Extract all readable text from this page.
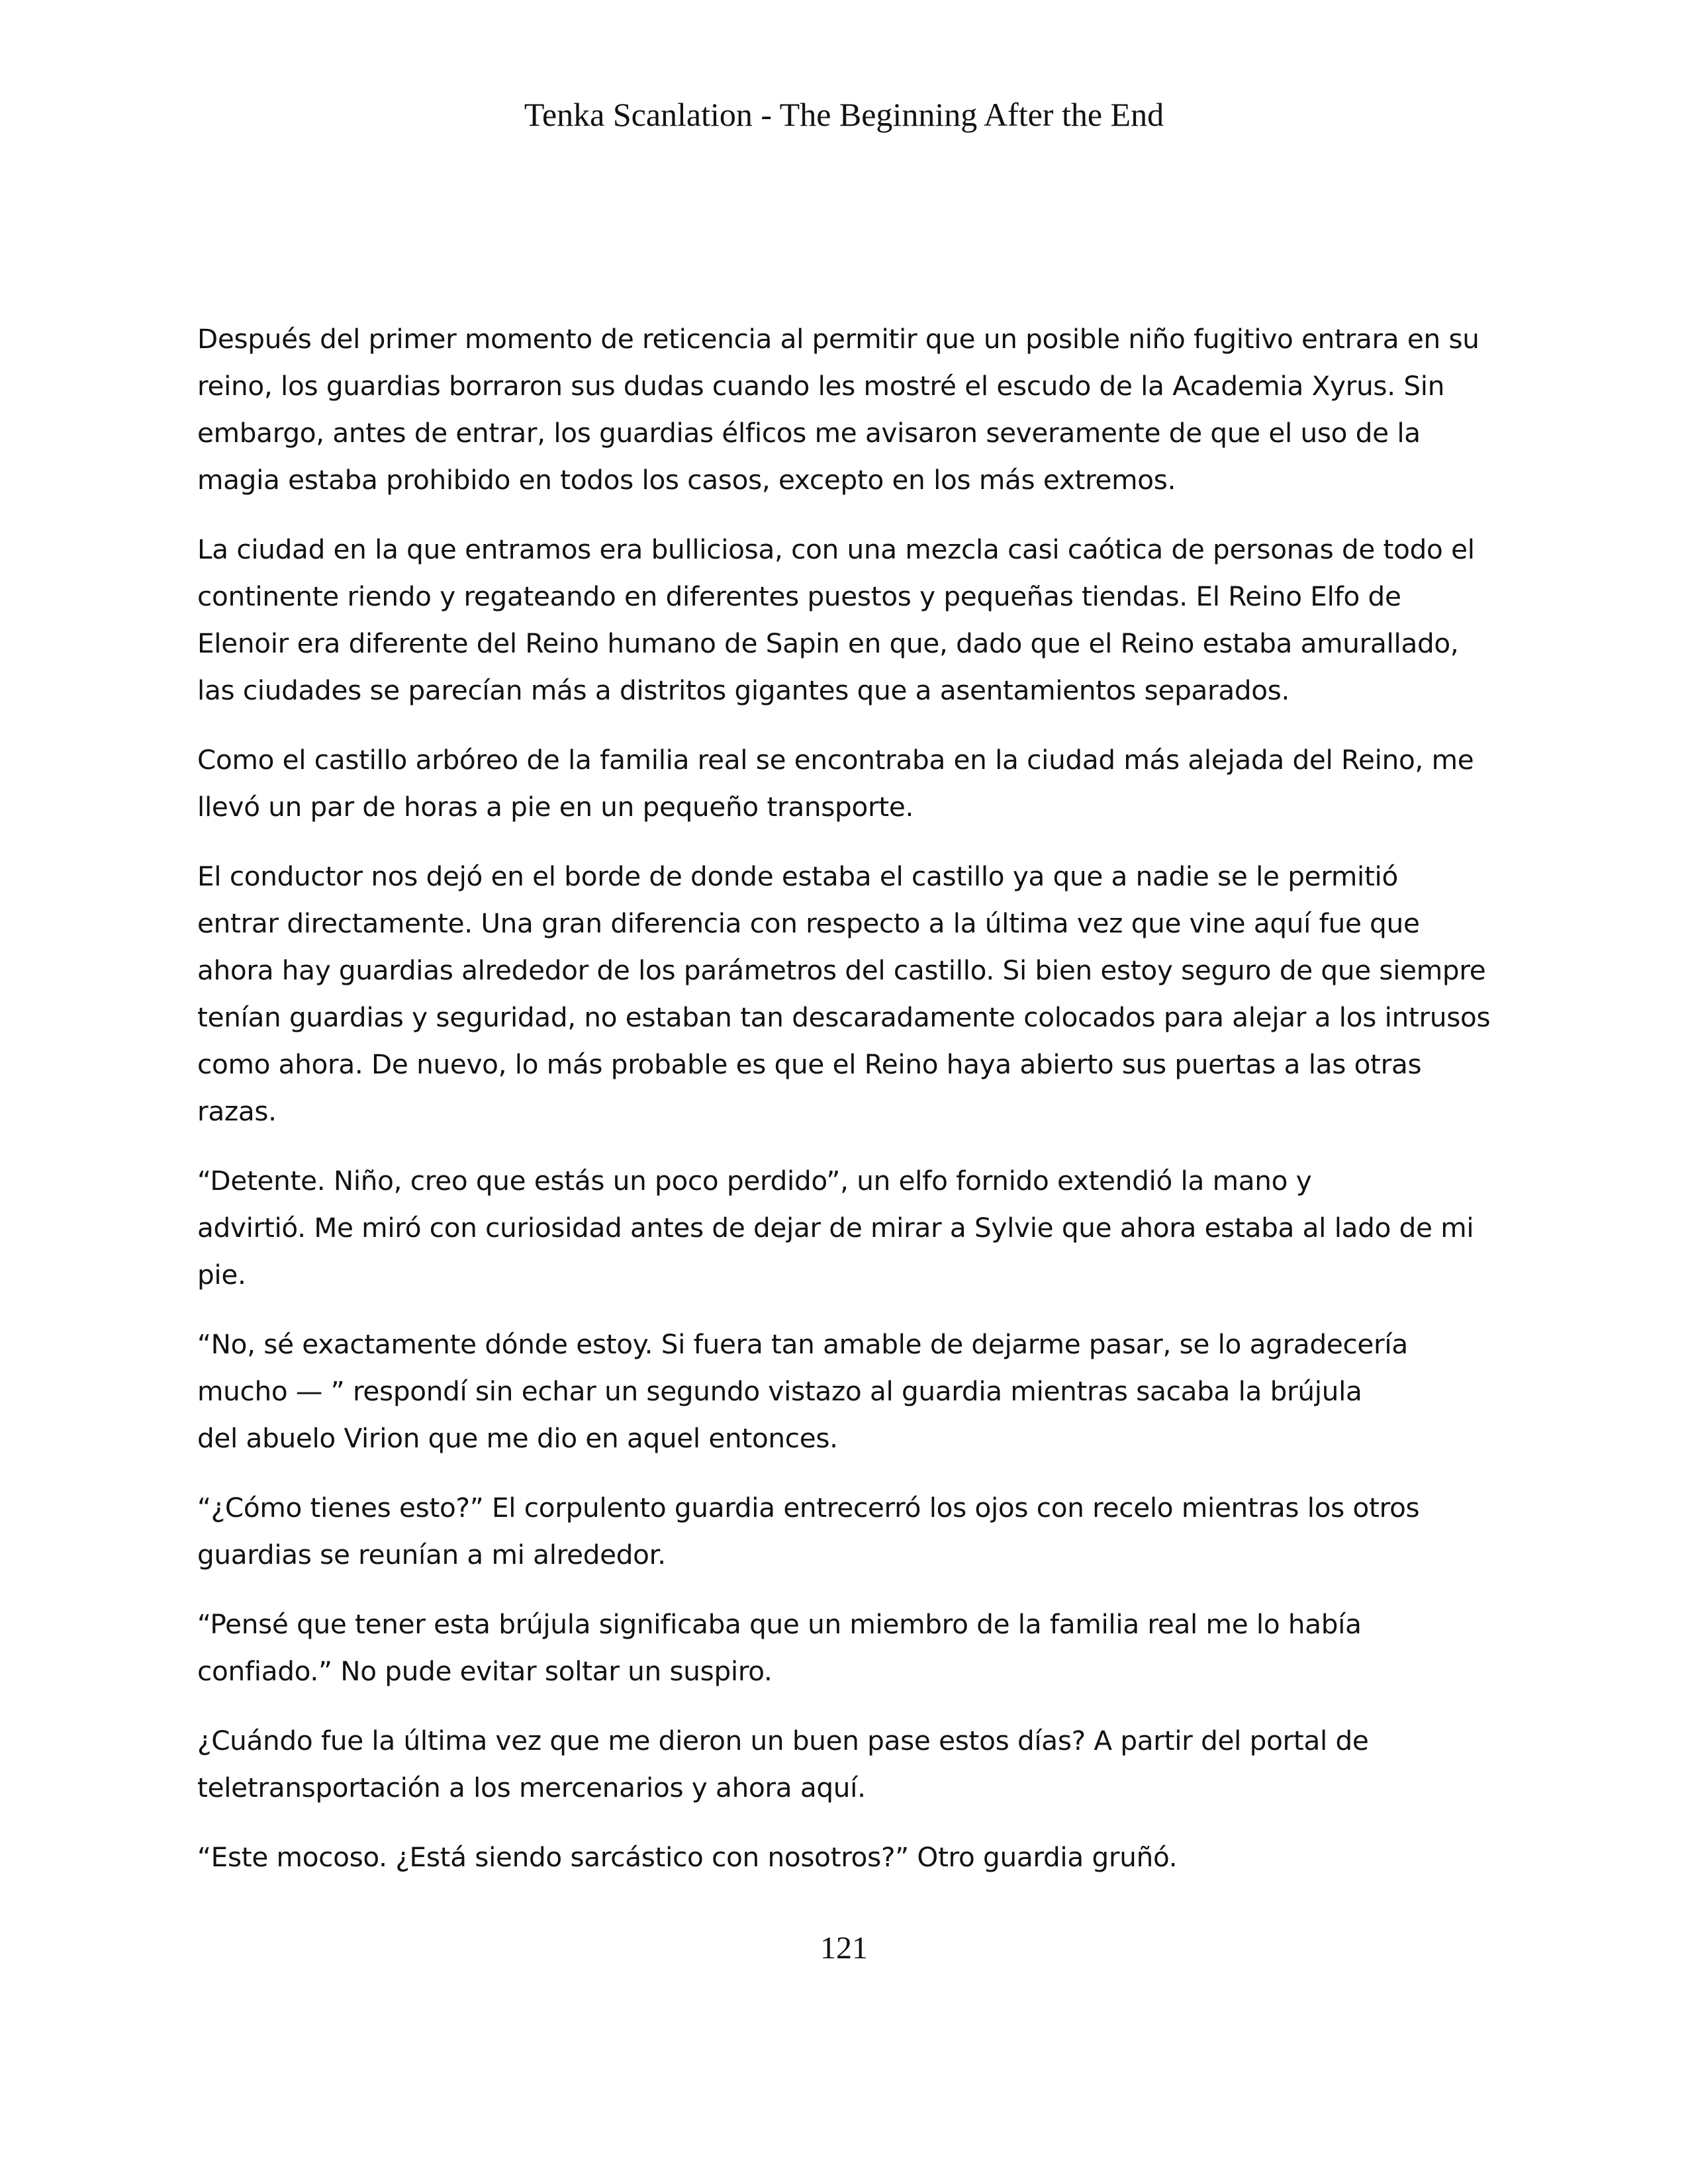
Tenka Scanlation - The Beginning After the End

Después del primer momento de reticencia al permitir que un posible niño fugitivo entrara en su
reino, los guardias borraron sus dudas cuando les mostré el escudo de la Academia Xyrus. Sin
embargo, antes de entrar, los guardias élficos me avisaron severamente de que el uso de la
magia estaba prohibido en todos los casos, excepto en los más extremos.

La ciudad en la que entramos era bulliciosa, con una mezcla casi caótica de personas de todo el
continente riendo y regateando en diferentes puestos y pequeñas tiendas. El Reino Elfo de
Elenoir era diferente del Reino humano de Sapin en que, dado que el Reino estaba amurallado,
las ciudades se parecían más a distritos gigantes que a asentamientos separados.

Como el castillo arbóreo de la familia real se encontraba en la ciudad más alejada del Reino, me
llevó un par de horas a pie en un pequeño transporte.

El conductor nos dejó en el borde de donde estaba el castillo ya que a nadie se le permitió
entrar directamente. Una gran diferencia con respecto a la última vez que vine aquí fue que
ahora hay guardias alrededor de los parámetros del castillo. Si bien estoy seguro de que siempre
tenían guardias y seguridad, no estaban tan descaradamente colocados para alejar a los intrusos
como ahora. De nuevo, lo más probable es que el Reino haya abierto sus puertas a las otras
razas.

“Detente. Niño, creo que estás un poco perdido”, un elfo fornido extendió la mano y
advirtió. Me miró con curiosidad antes de dejar de mirar a Sylvie que ahora estaba al lado de mi
pie.

“No, sé exactamente dónde estoy. Si fuera tan amable de dejarme pasar, se lo agradecería
mucho — ” respondí sin echar un segundo vistazo al guardia mientras sacaba la brújula
del abuelo Virion que me dio en aquel entonces.

“¿Cómo tienes esto?” El corpulento guardia entrecerró los ojos con recelo mientras los otros
guardias se reunían a mi alrededor.

“Pensé que tener esta brújula significaba que un miembro de la familia real me lo había
confiado.” No pude evitar soltar un suspiro.

¿Cuándo fue la última vez que me dieron un buen pase estos días? A partir del portal de
teletransportación a los mercenarios y ahora aquí.

“Este mocoso. ¿Está siendo sarcástico con nosotros?” Otro guardia gruñó.

121
